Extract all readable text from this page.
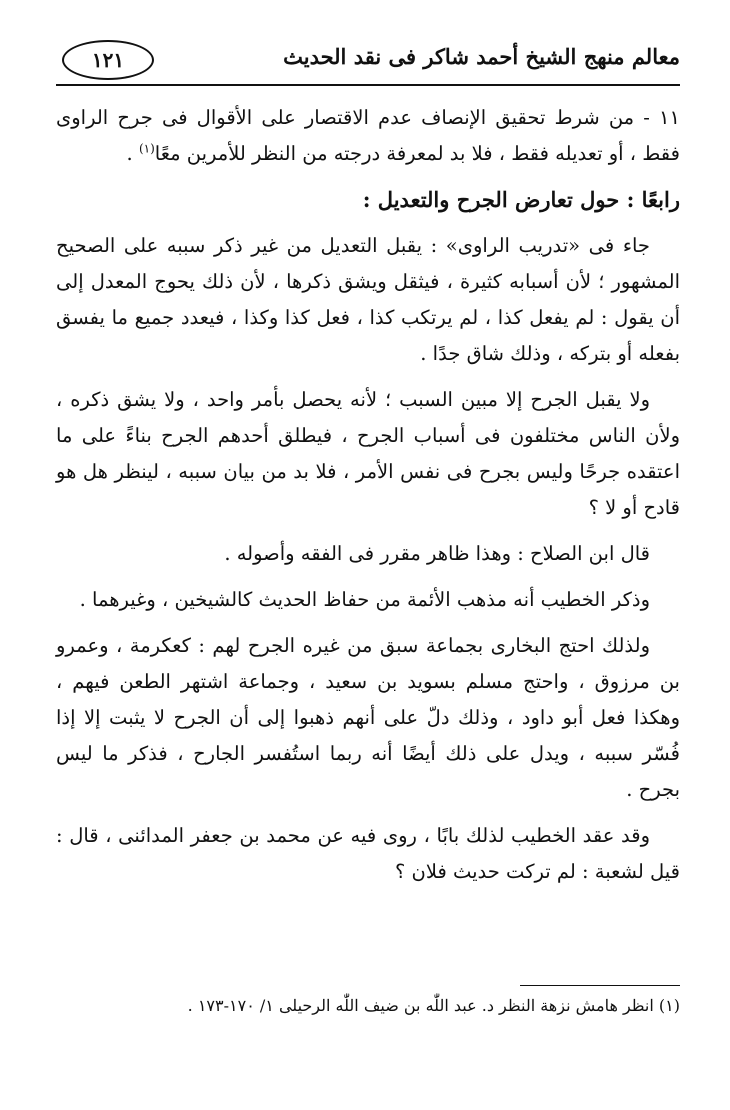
معالم منهج الشيخ أحمد شاكر فى نقد الحديث
١٢١

١١ - من شرط تحقيق الإنصاف عدم الاقتصار على الأقوال فى جرح الراوى فقط ، أو تعديله فقط ، فلا بد لمعرفة درجته من النظر للأمرين معًا$^{(١)}$ .

رابعًا : حول تعارض الجرح والتعديل :

جاء فى «تدريب الراوى» : يقبل التعديل من غير ذكر سببه على الصحيح المشهور ؛ لأن أسبابه كثيرة ، فيثقل ويشق ذكرها ، لأن ذلك يحوج المعدل إلى أن يقول : لم يفعل كذا ، لم يرتكب كذا ، فعل كذا وكذا ، فيعدد جميع ما يفسق بفعله أو بتركه ، وذلك شاق جدًا .

ولا يقبل الجرح إلا مبين السبب ؛ لأنه يحصل بأمر واحد ، ولا يشق ذكره ، ولأن الناس مختلفون فى أسباب الجرح ، فيطلق أحدهم الجرح بناءً على ما اعتقده جرحًا وليس بجرح فى نفس الأمر ، فلا بد من بيان سببه ، لينظر هل هو قادح أو لا ؟

قال ابن الصلاح : وهذا ظاهر مقرر فى الفقه وأصوله .

وذكر الخطيب أنه مذهب الأئمة من حفاظ الحديث كالشيخين ، وغيرهما .

ولذلك احتج البخارى بجماعة سبق من غيره الجرح لهم : كعكرمة ، وعمرو بن مرزوق ، واحتج مسلم بسويد بن سعيد ، وجماعة اشتهر الطعن فيهم ، وهكذا فعل أبو داود ، وذلك دلّ على أنهم ذهبوا إلى أن الجرح لا يثبت إلا إذا فُسّر سببه ، ويدل على ذلك أيضًا أنه ربما استُفسر الجارح ، فذكر ما ليس بجرح .

وقد عقد الخطيب لذلك بابًا ، روى فيه عن محمد بن جعفر المدائنى ، قال : قيل لشعبة : لم تركت حديث فلان ؟

(١) انظر هامش نزهة النظر د. عبد اللّٰه بن ضيف اللّٰه الرحيلى ١/ ١٧٠-١٧٣ .
